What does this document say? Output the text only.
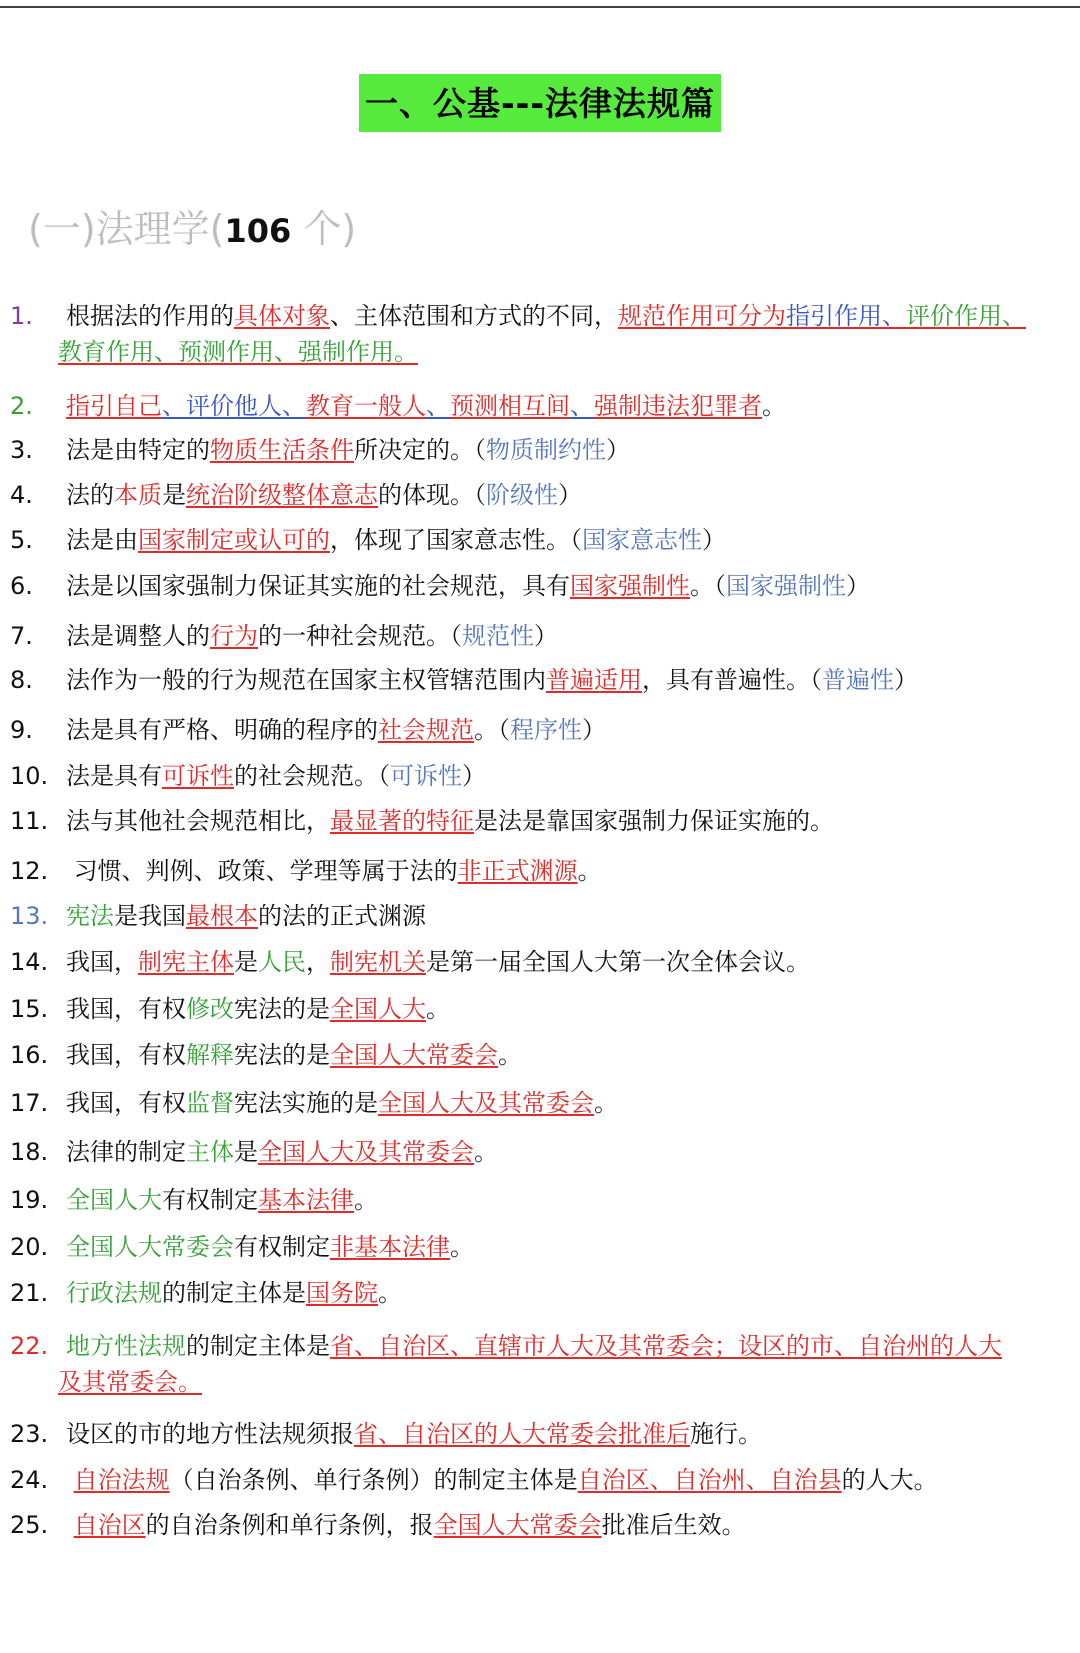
一、公基---法律法规篇
(一)法理学(106 个)
1. 根据法的作用的具体对象、主体范围和方式的不同，规范作用可分为指引作用、评价作用、
教育作用、预测作用、强制作用。
2. 指引自己、评价他人、教育一般人、预测相互间、强制违法犯罪者。
3. 法是由特定的物质生活条件所决定的。（物质制约性）
4. 法的本质是统治阶级整体意志的体现。（阶级性）
5. 法是由国家制定或认可的，体现了国家意志性。（国家意志性）
6. 法是以国家强制力保证其实施的社会规范，具有国家强制性。（国家强制性）
7. 法是调整人的行为的一种社会规范。（规范性）
8. 法作为一般的行为规范在国家主权管辖范围内普遍适用，具有普遍性。（普遍性）
9. 法是具有严格、明确的程序的社会规范。（程序性）
10. 法是具有可诉性的社会规范。（可诉性）
11. 法与其他社会规范相比，最显著的特征是法是靠国家强制力保证实施的。
12. 习惯、判例、政策、学理等属于法的非正式渊源。
13. 宪法是我国最根本的法的正式渊源
14. 我国，制宪主体是人民，制宪机关是第一届全国人大第一次全体会议。
15. 我国，有权修改宪法的是全国人大。
16. 我国，有权解释宪法的是全国人大常委会。
17. 我国，有权监督宪法实施的是全国人大及其常委会。
18. 法律的制定主体是全国人大及其常委会。
19. 全国人大有权制定基本法律。
20. 全国人大常委会有权制定非基本法律。
21. 行政法规的制定主体是国务院。
22. 地方性法规的制定主体是省、自治区、直辖市人大及其常委会；设区的市、自治州的人大
及其常委会。
23. 设区的市的地方性法规须报省、自治区的人大常委会批准后施行。
24. 自治法规（自治条例、单行条例）的制定主体是自治区、自治州、自治县的人大。
25. 自治区的自治条例和单行条例，报全国人大常委会批准后生效。
